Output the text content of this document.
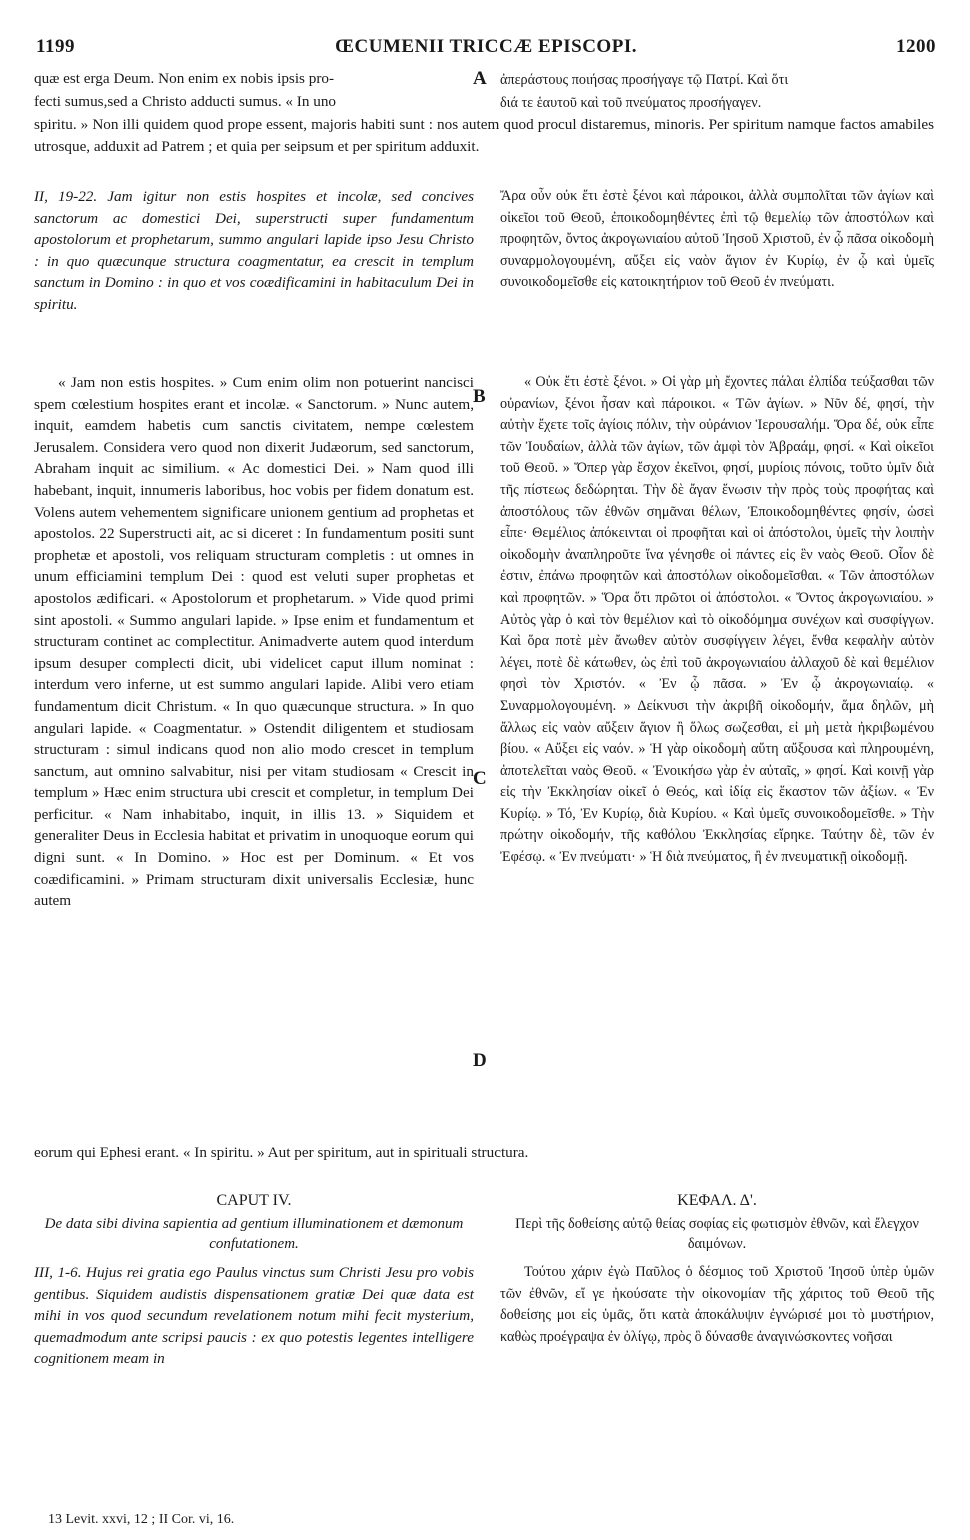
1199	ŒCUMENII TRICCÆ EPISCOPI.	1200

quæ est erga Deum. Non enim ex nobis ipsis pro-	A ἀπεράστους ποιήσας προσήγαγε τῷ Πατρί. Καὶ ὅτι

fecti sumus,sed a Christo adducti sumus. « In uno	διά τε ἑαυτοῦ καὶ τοῦ πνεύματος προσήγαγεν.

spiritu. » Non illi quidem quod prope essent, majoris habiti sunt : nos autem quod procul distaremus, minoris. Per spiritum namque factos amabiles utrosque, adduxit ad Patrem ; et quia per seipsum et per spiritum adduxit.

II, 19-22. Jam igitur non estis hospites et incolæ, sed concives sanctorum ac domestici Dei, superstructi super fundamentum apostolorum et prophetarum, summo angulari lapide ipso Jesu Christo : in quo quæcunque structura coagmentatur, ea crescit in templum sanctum in Domino : in quo et vos coædificamini in habitaculum Dei in spiritu.

Ἄρα οὖν οὐκ ἔτι ἐστὲ ξένοι καὶ πάροικοι, ἀλλὰ συμπολῖται τῶν ἁγίων καὶ οἰκεῖοι τοῦ Θεοῦ, ἐποικοδομηθέντες ἐπὶ τῷ θεμελίῳ τῶν ἀποστόλων καὶ προφητῶν, ὄντος ἀκρογωνιαίου αὐτοῦ Ἰησοῦ Χριστοῦ, ἐν ᾧ πᾶσα οἰκοδομὴ συναρμολογουμένη, αὔξει εἰς ναὸν ἅγιον ἐν Κυρίῳ, ἐν ᾧ καὶ ὑμεῖς συνοικοδομεῖσθε εἰς κατοικητήριον τοῦ Θεοῦ ἐν πνεύματι.

« Jam non estis hospites. » Cum enim olim non potuerint nancisci spem cœlestium hospites erant et incolæ. « Sanctorum. » Nunc autem, inquit, eamdem habetis cum sanctis civitatem, nempe cœlestem Jerusalem. Considera vero quod non dixerit Judæorum, sed sanctorum, Abraham inquit ac similium. « Ac domestici Dei. » Nam quod illi habebant, inquit, innumeris laboribus, hoc vobis per fidem donatum est. Volens autem vehementem significare unionem gentium ad prophetas et apostolos. 22 Superstructi ait, ac si diceret : In fundamentum positi sunt prophetæ et apostoli, vos reliquam structuram completis : ut omnes in unum efficiamini templum Dei : quod est veluti super prophetas et apostolos ædificari. « Apostolorum et prophetarum. » Vide quod primi sint apostoli. « Summo angulari lapide. » Ipse enim et fundamentum et structuram continet ac complectitur. Animadverte autem quod interdum ipsum desuper complecti dicit, ubi videlicet caput illum nominat : interdum vero inferne, ut est summo angulari lapide. Alibi vero etiam fundamentum dicit Christum. « In quo quæcunque structura. » In quo angulari lapide. « Coagmentatur. » Ostendit diligentem et studiosam structuram : simul indicans quod non alio modo crescet in templum sanctum, aut omnino salvabitur, nisi per vitam studiosam « Crescit in templum » Hæc enim structura ubi crescit et completur, in templum Dei perficitur. « Nam inhabitabo, inquit, in illis 13. » Siquidem et generaliter Deus in Ecclesia habitat et privatim in unoquoque eorum qui digni sunt. « In Domino. » Hoc est per Dominum. « Et vos coædificamini. » Primam structuram dixit universalis Ecclesiæ, hunc autem

« Οὐκ ἔτι ἐστὲ ξένοι. » Οἱ γὰρ μὴ ἔχοντες πάλαι ἐλπίδα τεύξασθαι τῶν οὐρανίων, ξένοι ἦσαν καὶ πάροικοι. « Τῶν ἁγίων. » Νῦν δέ, φησί, τὴν αὐτὴν ἔχετε τοῖς ἁγίοις πόλιν, τὴν οὐράνιον Ἱερουσαλήμ. Ὅρα δέ, οὐκ εἶπε τῶν Ἰουδαίων, ἀλλὰ τῶν ἁγίων, τῶν ἀμφὶ τὸν Ἀβραάμ, φησί. « Καὶ οἰκεῖοι τοῦ Θεοῦ. » Ὅπερ γὰρ ἔσχον ἐκεῖνοι, φησί, μυρίοις πόνοις, τοῦτο ὑμῖν διὰ τῆς πίστεως δεδώρηται. Τὴν δὲ ἄγαν ἕνωσιν τὴν πρὸς τοὺς προφήτας καὶ ἀποστόλους τῶν ἐθνῶν σημᾶναι θέλων, Ἐποικοδομηθέντες φησίν, ὡσεὶ εἶπε· Θεμέλιος ἀπόκεινται οἱ προφῆται καὶ οἱ ἀπόστολοι, ὑμεῖς τὴν λοιπὴν οἰκοδομὴν ἀναπληροῦτε ἵνα γένησθε οἱ πάντες εἰς ἓν ναὸς Θεοῦ. Οἷον δὲ ἐστιν, ἐπάνω προφητῶν καὶ ἀποστόλων οἰκοδομεῖσθαι. « Τῶν ἀποστόλων καὶ προφητῶν. » Ὅρα ὅτι πρῶτοι οἱ ἀπόστολοι. « Ὄντος ἀκρογωνιαίου. » Αὐτὸς γὰρ ὁ καὶ τὸν θεμέλιον καὶ τὸ οἰκοδόμημα συνέχων καὶ συσφίγγων. Καὶ ὅρα ποτὲ μὲν ἄνωθεν αὐτὸν συσφίγγειν λέγει, ἔνθα κεφαλὴν αὐτὸν λέγει, ποτὲ δὲ κάτωθεν, ὡς ἐπὶ τοῦ ἀκρογωνιαίου ἀλλαχοῦ δὲ καὶ θεμέλιον φησὶ τὸν Χριστόν. « Ἐν ᾧ πᾶσα. » Ἐν ᾧ ἀκρογωνιαίῳ. « Συναρμολογουμένη. » Δείκνυσι τὴν ἀκριβῆ οἰκοδομήν, ἅμα δηλῶν, μὴ ἄλλως εἰς ναὸν αὔξειν ἅγιον ἢ ὅλως σωζεσθαι, εἰ μὴ μετὰ ἠκριβωμένου βίου. « Αὔξει εἰς ναόν. » Ἡ γὰρ οἰκοδομὴ αὕτη αὔξουσα καὶ πληρουμένη, ἀποτελεῖται ναὸς Θεοῦ. « Ἐνοικήσω γὰρ ἐν αὐταῖς, » φησί. Καὶ κοινῇ γὰρ εἰς τὴν Ἐκκλησίαν οἰκεῖ ὁ Θεός, καὶ ἰδίᾳ εἰς ἕκαστον τῶν ἀξίων. « Ἐν Κυρίῳ. » Τό, Ἐν Κυρίῳ, διὰ Κυρίου. « Καὶ ὑμεῖς συνοικοδομεῖσθε. » Τὴν πρώτην οἰκοδομήν, τῆς καθόλου Ἐκκλησίας εἴρηκε. Ταύτην δὲ, τῶν ἐν Ἐφέσῳ. « Ἐν πνεύματι· » Ἡ διὰ πνεύματος, ἢ ἐν πνευματικῇ οἰκοδομῇ.

B
C
D

eorum qui Ephesi erant. « In spiritu. » Aut per spiritum, aut in spirituali structura.

CAPUT IV.
De data sibi divina sapientia ad gentium illuminationem et dæmonum confutationem.
ΚΕΦΑΛ. Δ'.
Περὶ τῆς δοθείσης αὐτῷ θείας σοφίας εἰς φωτισμὸν ἐθνῶν, καὶ ἔλεγχον δαιμόνων.

III, 1-6. Hujus rei gratia ego Paulus vinctus sum Christi Jesu pro vobis gentibus. Siquidem audistis dispensationem gratiæ Dei quæ data est mihi in vos quod secundum revelationem notum mihi fecit mysterium, quemadmodum ante scripsi paucis : ex quo potestis legentes intelligere cognitionem meam in

Τούτου χάριν ἐγὼ Παῦλος ὁ δέσμιος τοῦ Χριστοῦ Ἰησοῦ ὑπὲρ ὑμῶν τῶν ἐθνῶν, εἴ γε ἠκούσατε τὴν οἰκονομίαν τῆς χάριτος τοῦ Θεοῦ τῆς δοθείσης μοι εἰς ὑμᾶς, ὅτι κατὰ ἀποκάλυψιν ἐγνώρισέ μοι τὸ μυστήριον, καθὼς προέγραψα ἐν ὀλίγῳ, πρὸς ὃ δύνασθε ἀναγινώσκοντες νοῆσαι

13 Levit. xxvi, 12 ; II Cor. vi, 16.
